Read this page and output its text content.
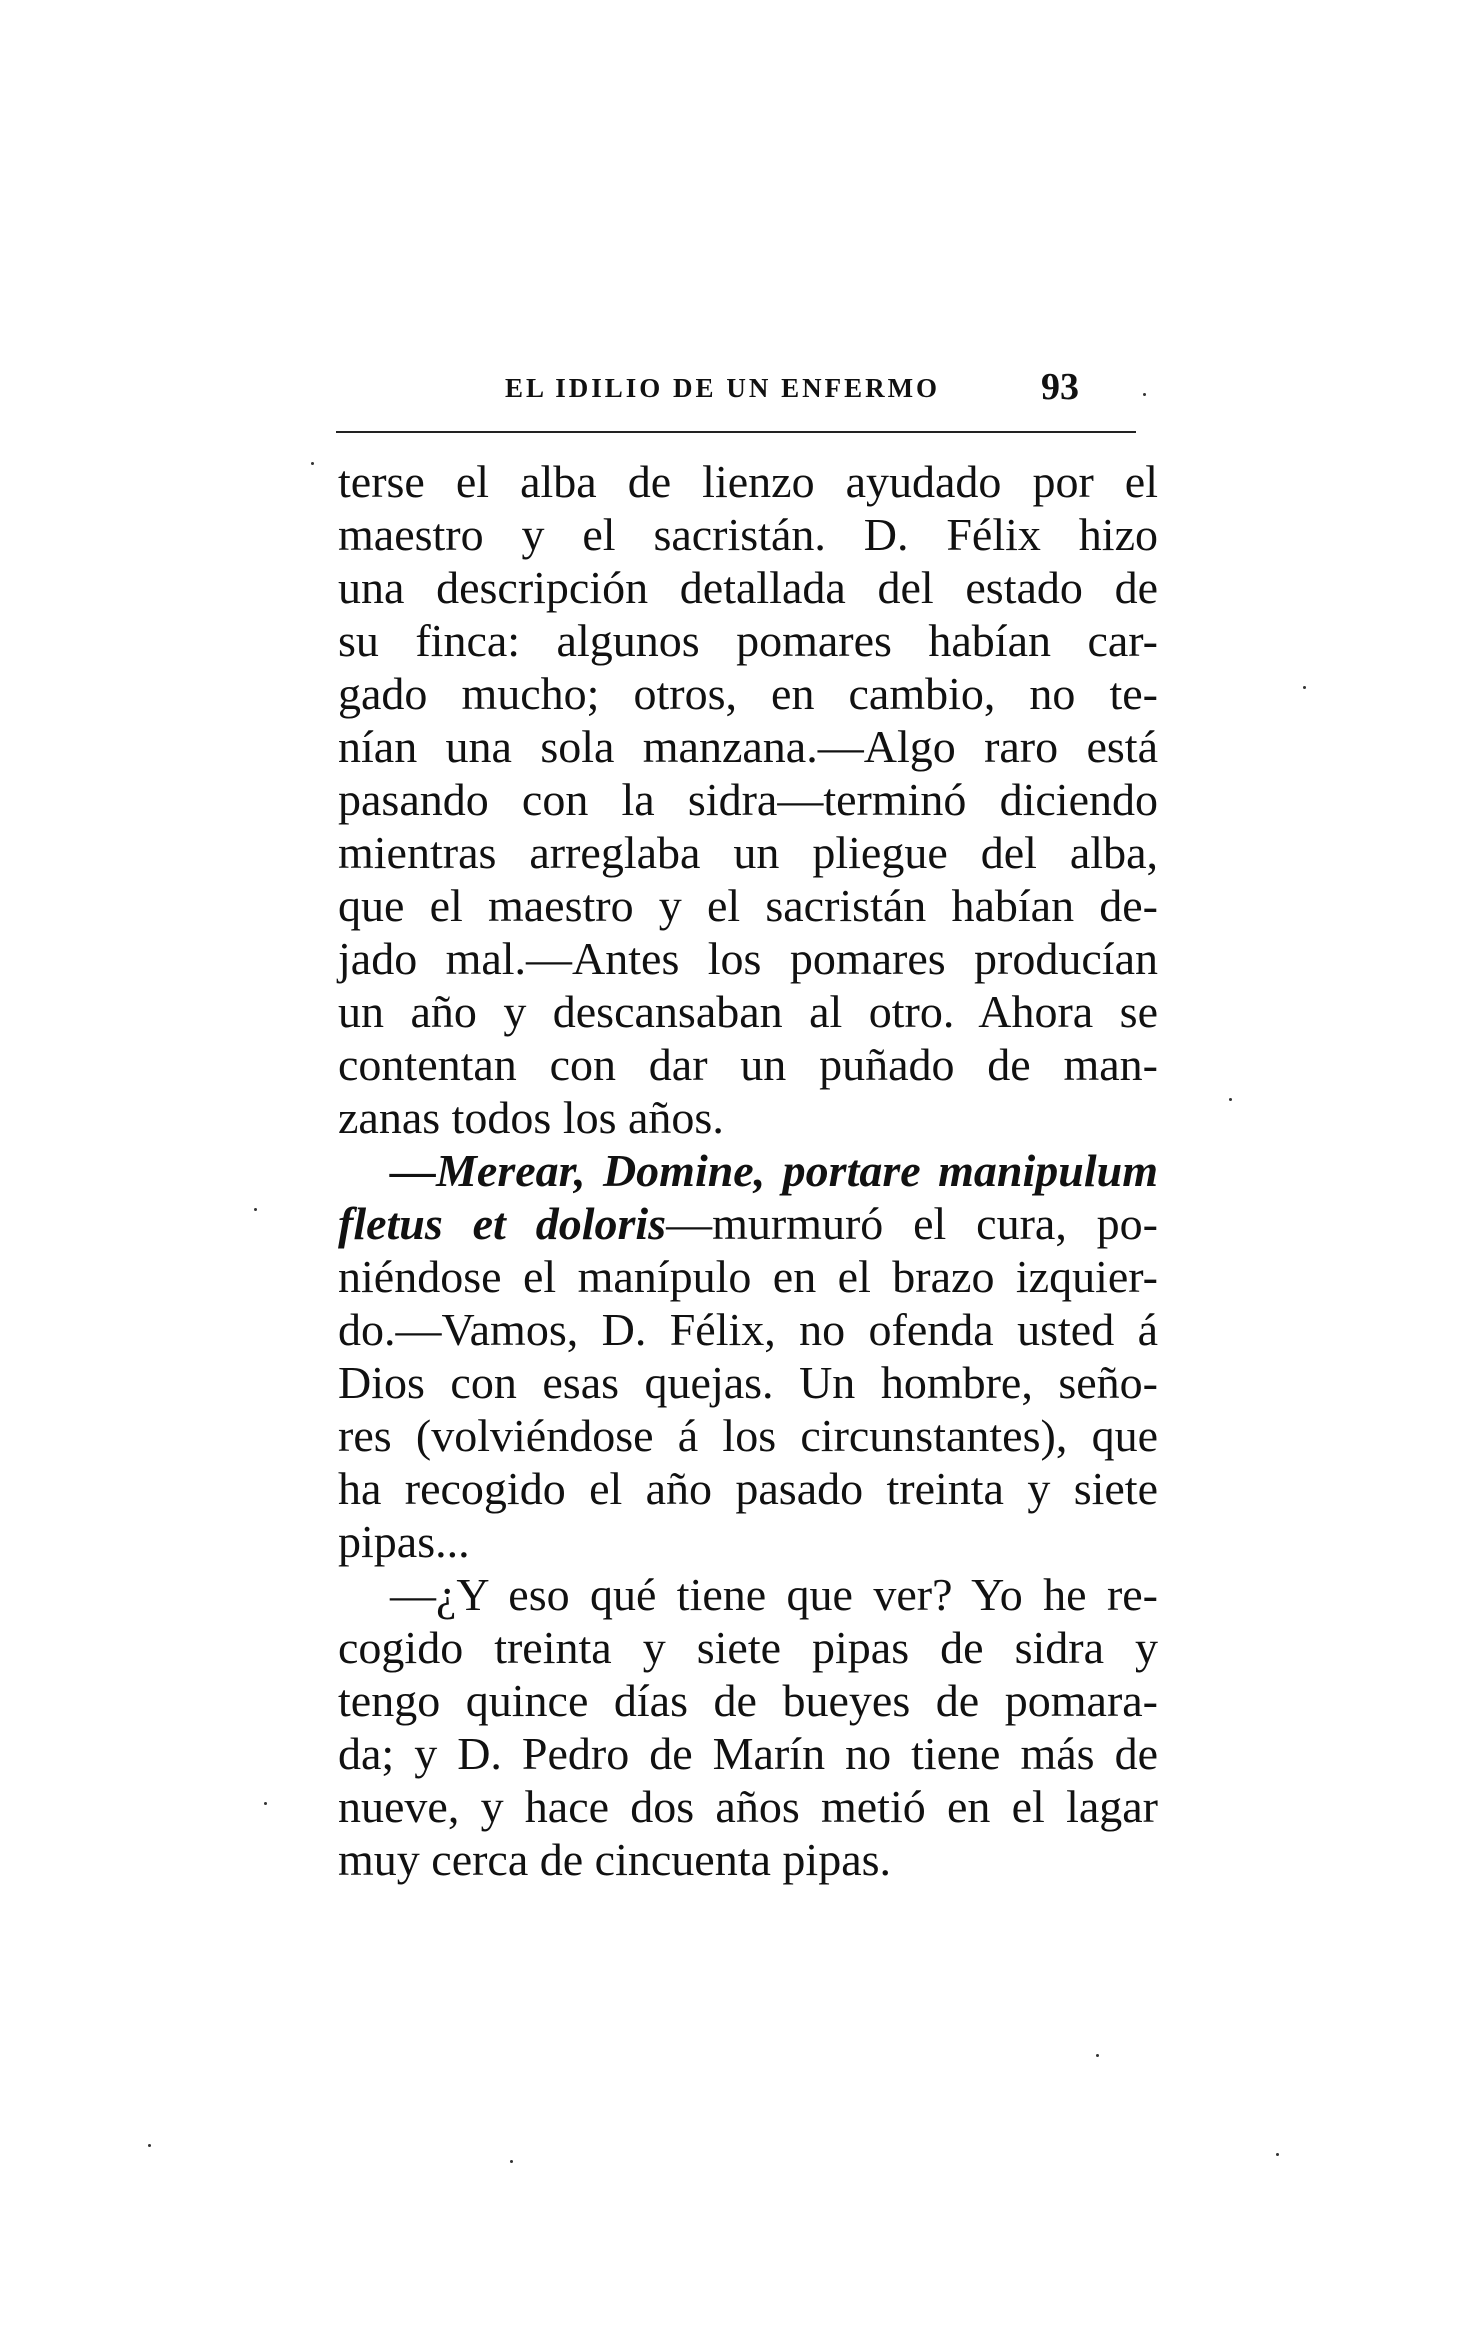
EL IDILIO DE UN ENFERMO	93
terse el alba de lienzo ayudado por el
maestro y el sacristán. D. Félix hizo
una descripción detallada del estado de
su finca: algunos pomares habían car-
gado mucho; otros, en cambio, no te-
nían una sola manzana.—Algo raro está
pasando con la sidra—terminó diciendo
mientras arreglaba un pliegue del alba,
que el maestro y el sacristán habían de-
jado mal.—Antes los pomares producían
un año y descansaban al otro. Ahora se
contentan con dar un puñado de man-
zanas todos los años.
—Merear, Domine, portare manipulum
fletus et doloris—murmuró el cura, po-
niéndose el manípulo en el brazo izquier-
do.—Vamos, D. Félix, no ofenda usted á
Dios con esas quejas. Un hombre, seño-
res (volviéndose á los circunstantes), que
ha recogido el año pasado treinta y siete
pipas...
—¿Y eso qué tiene que ver? Yo he re-
cogido treinta y siete pipas de sidra y
tengo quince días de bueyes de pomara-
da; y D. Pedro de Marín no tiene más de
nueve, y hace dos años metió en el lagar
muy cerca de cincuenta pipas.
